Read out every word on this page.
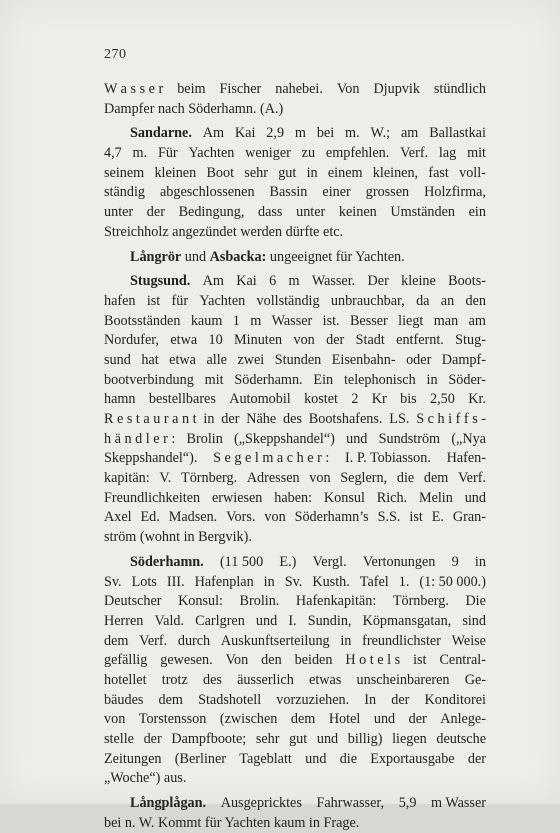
270
W a s s e r beim Fischer nahebei. Von Djupvik stündlich
Dampfer nach Söderhamn. (A.)
Sandarne. Am Kai 2,9 m bei m. W.; am Ballastkai
4,7 m. Für Yachten weniger zu empfehlen. Verf. lag mit
seinem kleinen Boot sehr gut in einem kleinen, fast voll-
ständig abgeschlossenen Bassin einer grossen Holzfirma,
unter der Bedingung, dass unter keinen Umständen ein
Streichholz angezündet werden dürfte etc.
Långrör und Asbacka: ungeeignet für Yachten.
Stugsund. Am Kai 6 m Wasser. Der kleine Boots-
hafen ist für Yachten vollständig unbrauchbar, da an den
Bootsständen kaum 1 m Wasser ist. Besser liegt man am
Nordufer, etwa 10 Minuten von der Stadt entfernt. Stug-
sund hat etwa alle zwei Stunden Eisenbahn- oder Dampf-
bootverbindung mit Söderhamn. Ein telephonisch in Söder-
hamn bestellbares Automobil kostet 2 Kr bis 2,50 Kr.
R e s t a u r a n t in der Nähe des Bootshafens. LS. S c h i f f s -
h ä n d l e r : Brolin („Skeppshandel“) und Sundström („Nya
Skeppshandel“). S e g e l m a c h e r : I. P. Tobiasson. Hafen-
kapitän: V. Törnberg. Adressen von Seglern, die dem Verf.
Freundlichkeiten erwiesen haben: Konsul Rich. Melin und
Axel Ed. Madsen. Vors. von Söderhamn’s S.S. ist E. Gran-
ström (wohnt in Bergvik).
Söderhamn. (11 500 E.) Vergl. Vertonungen 9 in
Sv. Lots III. Hafenplan in Sv. Kusth. Tafel 1. (1: 50 000.)
Deutscher Konsul: Brolin. Hafenkapitän: Törnberg. Die
Herren Vald. Carlgren und I. Sundin, Köpmansgatan, sind
dem Verf. durch Auskunftserteilung in freundlichster Weise
gefällig gewesen. Von den beiden H o t e l s ist Central-
hotellet trotz des äusserlich etwas unscheinbareren Ge-
bäudes dem Stadshotell vorzuziehen. In der Konditorei
von Torstensson (zwischen dem Hotel und der Anlege-
stelle der Dampfboote; sehr gut und billig) liegen deutsche
Zeitungen (Berliner Tageblatt und die Exportausgabe der
„Woche“) aus.
Långplågan. Ausgepricktes Fahrwasser, 5,9 m Wasser
bei n. W. Kommt für Yachten kaum in Frage.
